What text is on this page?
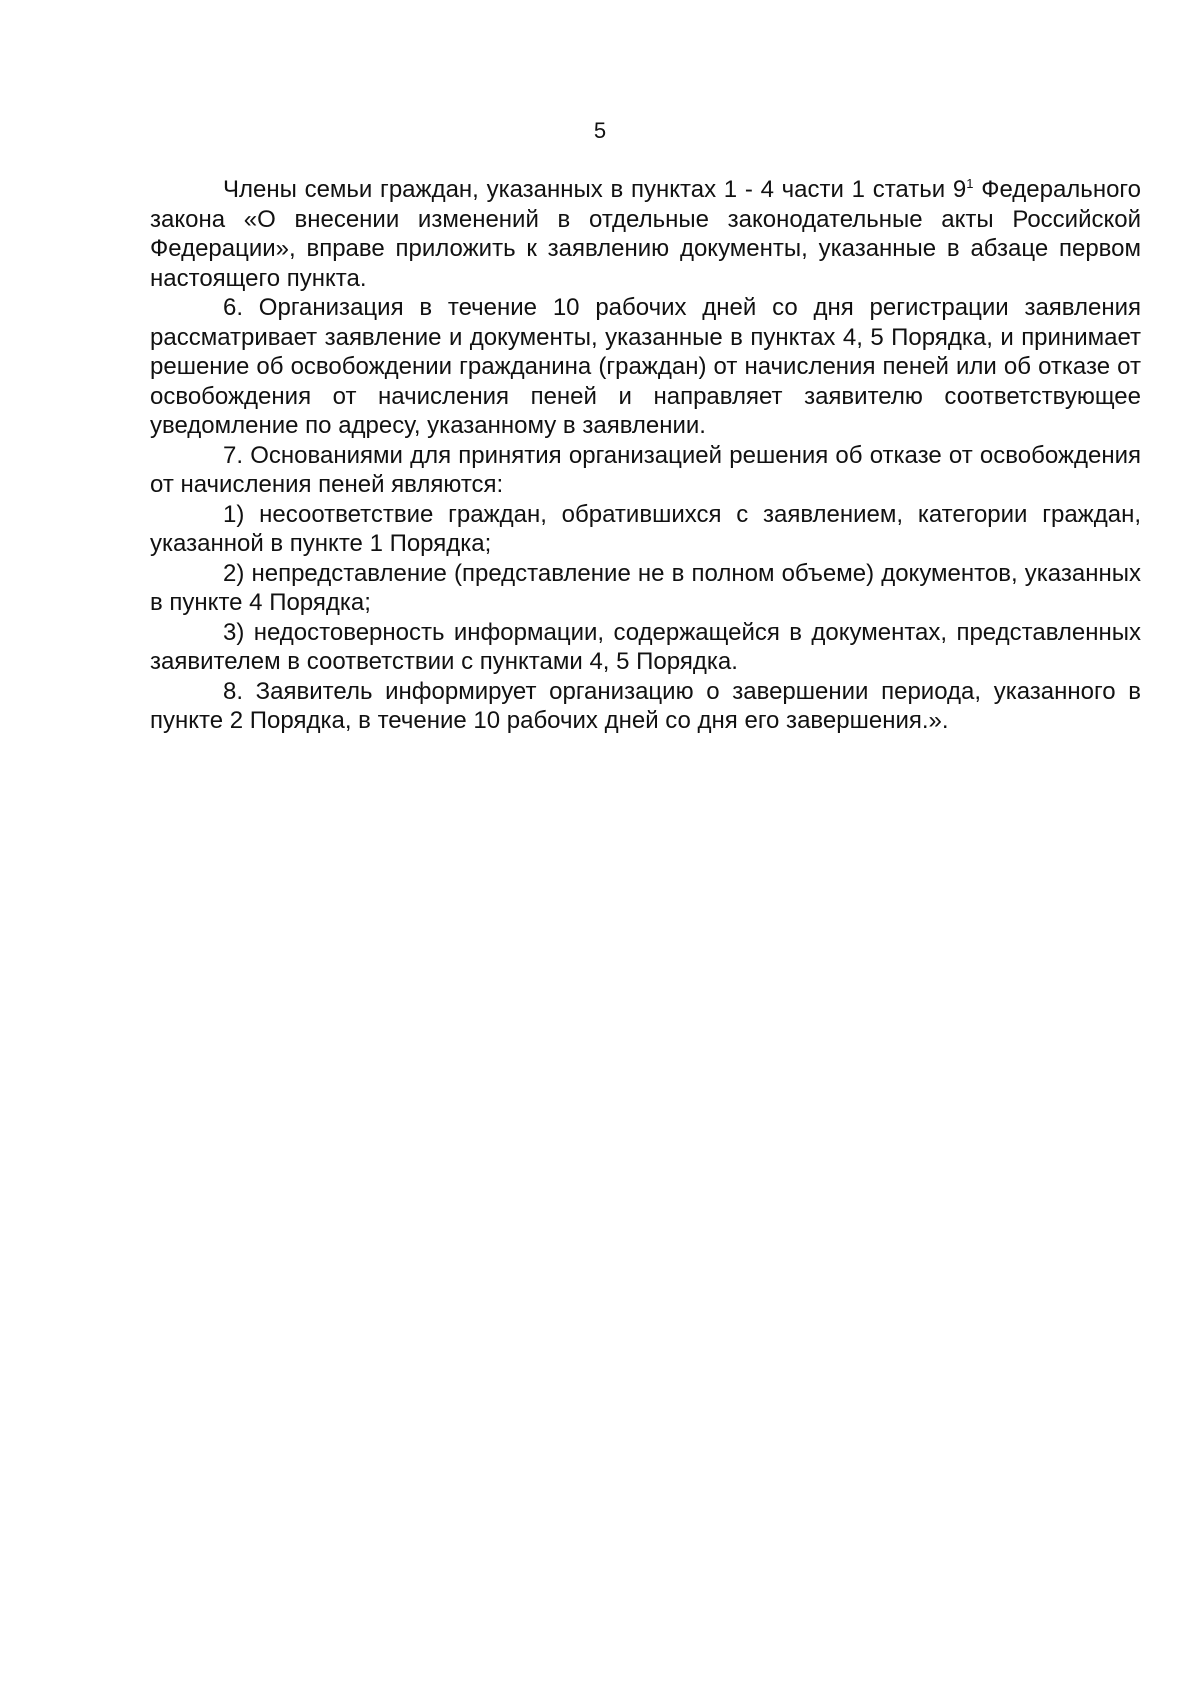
5

Члены семьи граждан, указанных в пунктах 1 - 4 части 1 статьи $9^1$ Федерального закона «О внесении изменений в отдельные законодательные акты Российской Федерации», вправе приложить к заявлению документы, указанные в абзаце первом настоящего пункта.

6. Организация в течение 10 рабочих дней со дня регистрации заявления рассматривает заявление и документы, указанные в пунктах 4, 5 Порядка, и принимает решение об освобождении гражданина (граждан) от начисления пеней или об отказе от освобождения от начисления пеней и направляет заявителю соответствующее уведомление по адресу, указанному в заявлении.

7. Основаниями для принятия организацией решения об отказе от освобождения от начисления пеней являются:

1) несоответствие граждан, обратившихся с заявлением, категории граждан, указанной в пункте 1 Порядка;

2) непредставление (представление не в полном объеме) документов, указанных в пункте 4 Порядка;

3) недостоверность информации, содержащейся в документах, представленных заявителем в соответствии с пунктами 4, 5 Порядка.

8. Заявитель информирует организацию о завершении периода, указанного в пункте 2 Порядка, в течение 10 рабочих дней со дня его завершения.».
